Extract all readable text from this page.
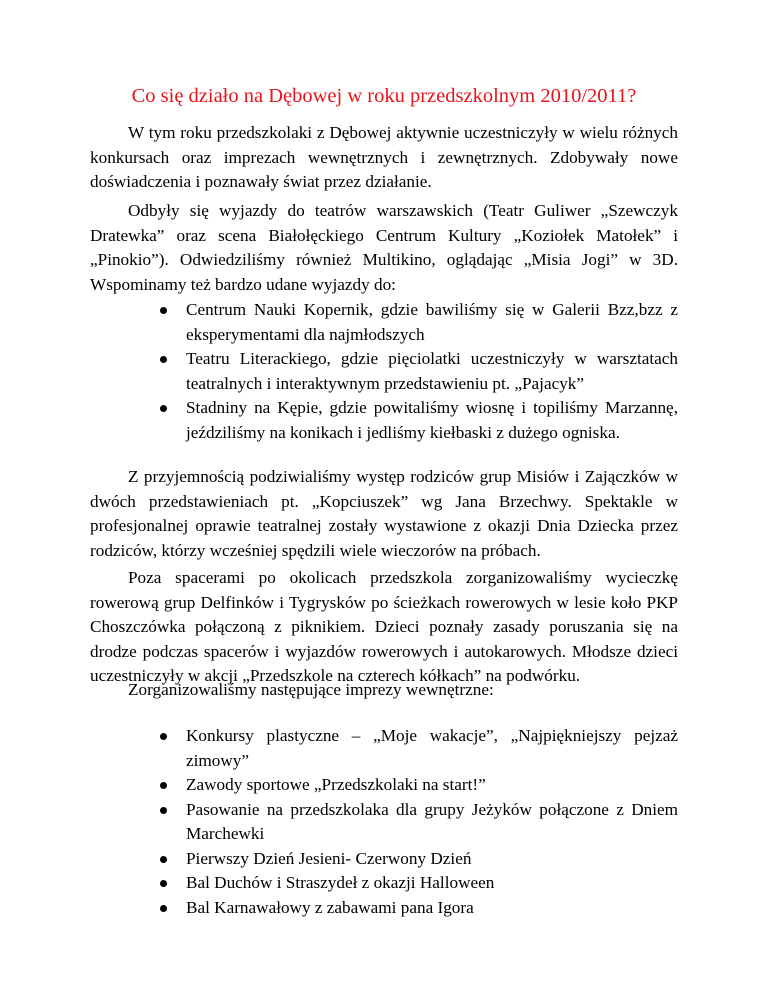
Co się działo na Dębowej w roku przedszkolnym 2010/2011?

W tym roku przedszkolaki z Dębowej aktywnie uczestniczyły w wielu różnych konkursach oraz imprezach wewnętrznych i zewnętrznych. Zdobywały nowe doświadczenia i poznawały świat przez działanie.

Odbyły się wyjazdy do teatrów warszawskich (Teatr Guliwer „Szewczyk Dratewka” oraz scena Białołęckiego Centrum Kultury „Koziołek Matołek” i „Pinokio”). Odwiedziliśmy również Multikino, oglądając „Misia Jogi” w 3D. Wspominamy też bardzo udane wyjazdy do:

Centrum Nauki Kopernik, gdzie bawiliśmy się w Galerii Bzz,bzz z eksperymentami dla najmłodszych
Teatru Literackiego, gdzie pięciolatki uczestniczyły w warsztatach teatralnych i interaktywnym przedstawieniu pt. „Pajacyk”
Stadniny na Kępie, gdzie powitaliśmy wiosnę i topiliśmy Marzannę, jeździliśmy na konikach i jedliśmy kiełbaski z dużego ogniska.

Z przyjemnością podziwialiśmy występ rodziców grup Misiów i Zajączków w dwóch przedstawieniach pt. „Kopciuszek” wg Jana Brzechwy. Spektakle w profesjonalnej oprawie teatralnej zostały wystawione z okazji Dnia Dziecka przez rodziców, którzy wcześniej spędzili wiele wieczorów na próbach.

Poza spacerami po okolicach przedszkola zorganizowaliśmy wycieczkę rowerową grup Delfinków i Tygrysków po ścieżkach rowerowych w lesie koło PKP Choszczówka połączoną z piknikiem. Dzieci poznały zasady poruszania się na drodze podczas spacerów i wyjazdów rowerowych i autokarowych. Młodsze dzieci uczestniczyły w akcji „Przedszkole na czterech kółkach” na podwórku.

Zorganizowaliśmy następujące imprezy wewnętrzne:

Konkursy plastyczne – „Moje wakacje”, „Najpiękniejszy pejzaż zimowy”
Zawody sportowe „Przedszkolaki na start!”
Pasowanie na przedszkolaka dla grupy Jeżyków połączone z Dniem Marchewki
Pierwszy Dzień Jesieni- Czerwony Dzień
Bal Duchów i Straszydeł z okazji Halloween
Bal Karnawałowy z zabawami pana Igora
